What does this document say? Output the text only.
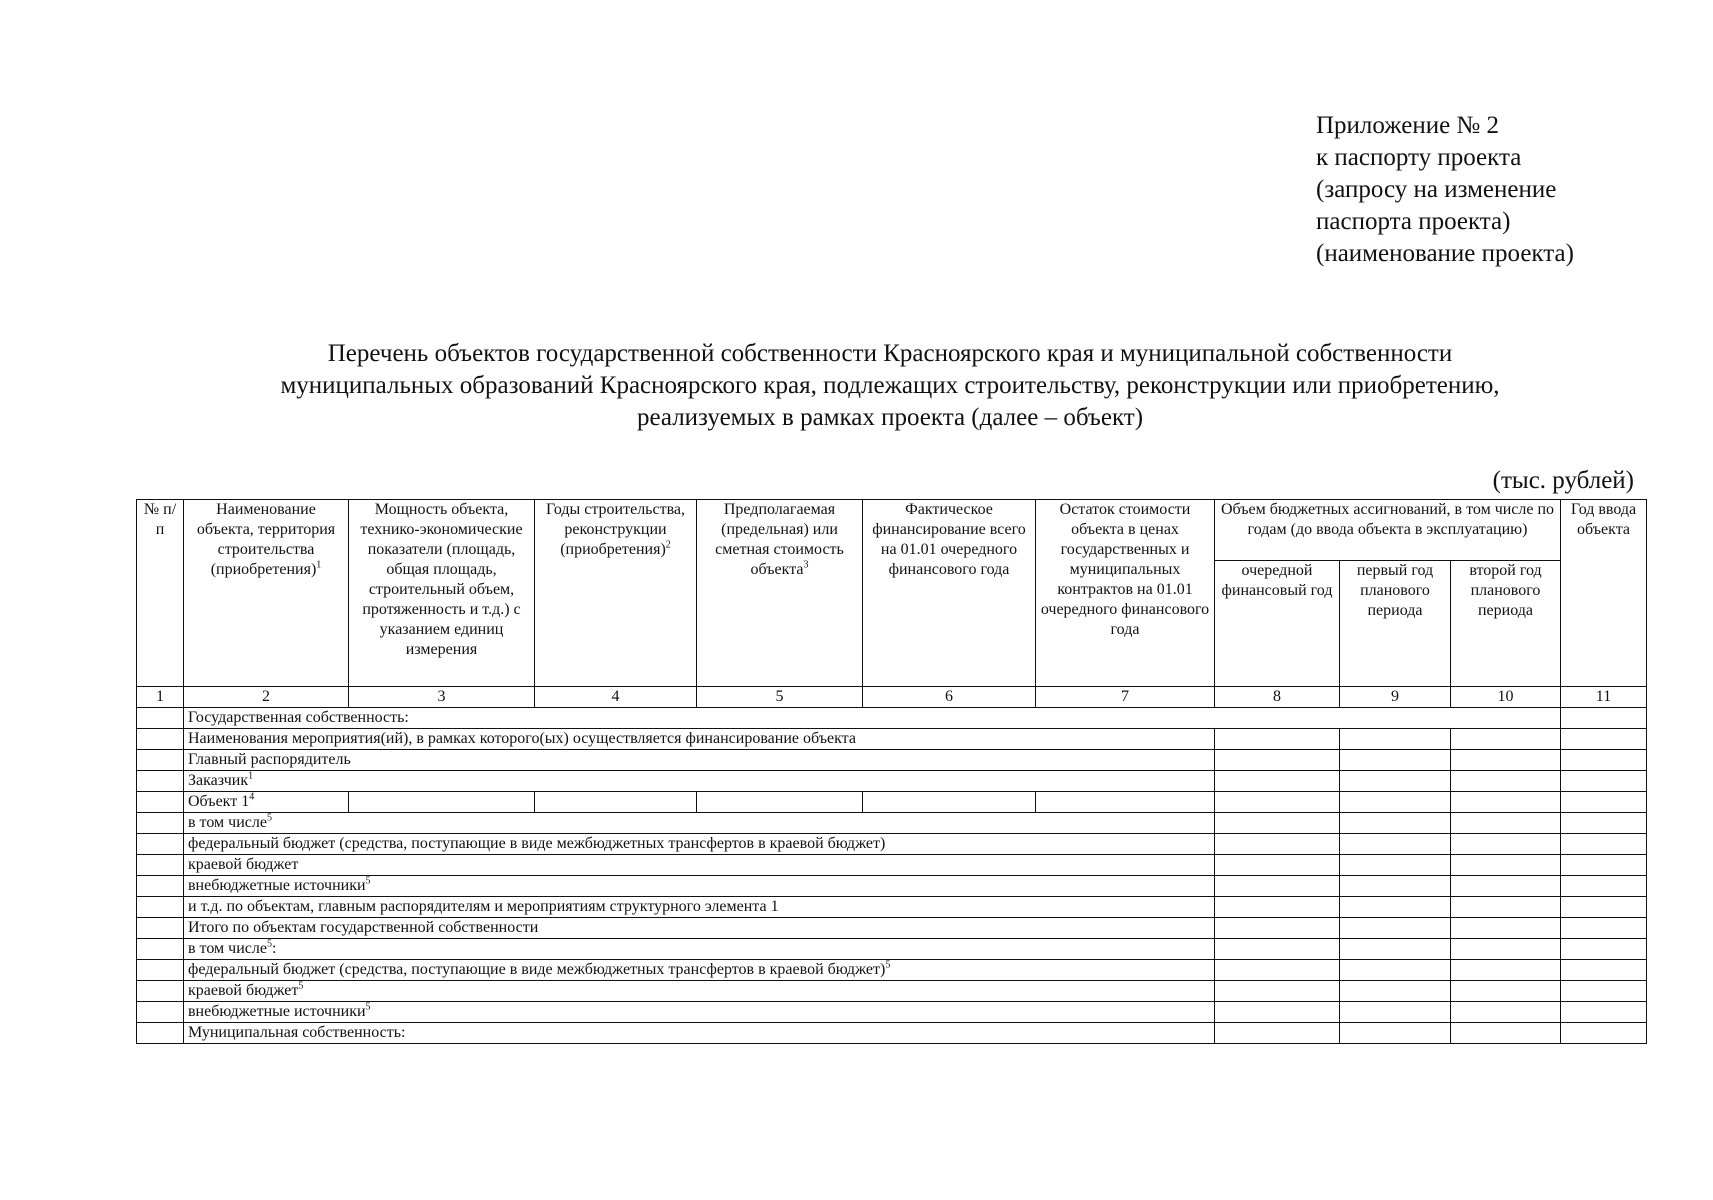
Приложение № 2
к паспорту проекта
(запросу на изменение
паспорта проекта)
(наименование проекта)
Перечень объектов государственной собственности Красноярского края и муниципальной собственности
муниципальных образований Красноярского края, подлежащих строительству, реконструкции или приобретению,
реализуемых в рамках проекта (далее – объект)
(тыс. рублей)
№ п/п	Наименование объекта, территория строительства (приобретения)$^1$	Мощность объекта, технико-экономические показатели (площадь, общая площадь, строительный объем, протяженность и т.д.) с указанием единиц измерения	Годы строительства, реконструкции (приобретения)$^2$	Предполагаемая (предельная) или сметная стоимость объекта$^3$	Фактическое финансирование всего на 01.01 очередного финансового года	Остаток стоимости объекта в ценах государственных и муниципальных контрактов на 01.01 очередного финансового года	Объем бюджетных ассигнований, в том числе по годам (до ввода объекта в эксплуатацию)			Год ввода объекта
							очередной финансовый год	первый год планового периода	второй год планового периода	
1	2	3	4	5	6	7	8	9	10	11
	Государственная собственность:									
	Наименования мероприятия(ий), в рамках которого(ых) осуществляется финансирование объекта									
	Главный распорядитель									
	Заказчик$^1$				
	Объект $1^4$									
	в том числе$^5$				
	федеральный бюджет (средства, поступающие в виде межбюджетных трансфертов в краевой бюджет)									
	краевой бюджет									
	внебюджетные источники$^5$				
	и т.д. по объектам, главным распорядителям и мероприятиям структурного элемента 1									
	Итого по объектам государственной собственности									
	в том числе$^5$:									
	федеральный бюджет (средства, поступающие в виде межбюджетных трансфертов в краевой бюджет)$^5$				
	краевой бюджет$^5$				
	внебюджетные источники$^5$				
	Муниципальная собственность:									
